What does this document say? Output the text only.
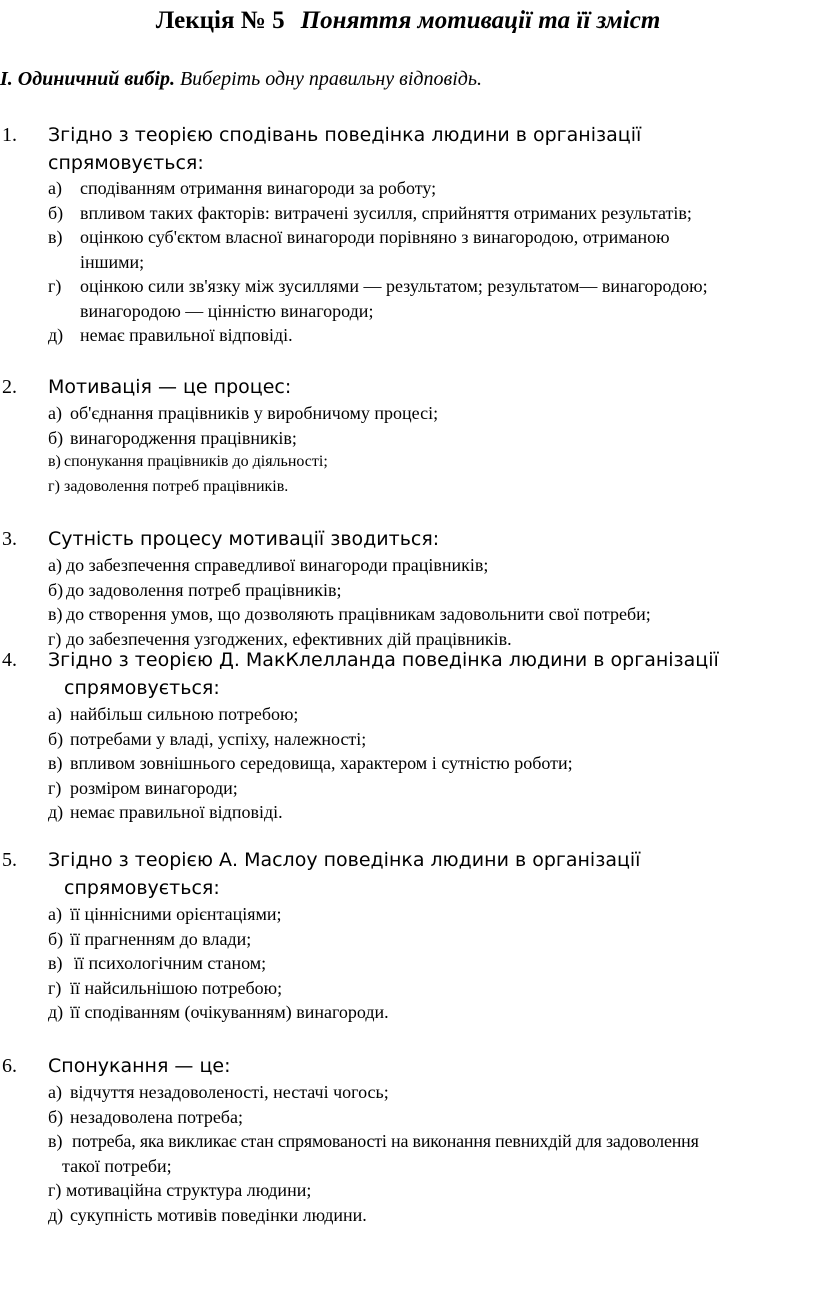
Лекція № 5 Поняття мотивації та її зміст
I. Одиничний вибір. Виберіть одну правильну відповідь.
1. Згідно з теорією сподівань поведінка людини в організації
спрямовується:
а)	сподіванням отримання винагороди за роботу;
б) впливом таких факторів: витрачені зусилля, сприйняття отриманих результатів;
в) оцінкою суб'єктом власної винагороди порівняно з винагородою, отриманою
іншими;
г)	оцінкою сили зв'язку між зусиллями — результатом; результатом— винагородою;
винагородою — цінністю винагороди;
д) немає правильної відповіді.
2. Мотивація — це процес:
а) об'єднання працівників у виробничому процесі;
б) винагородження працівників;
в) спонукання працівників до діяльності;
г) задоволення потреб працівників.
3. Сутність процесу мотивації зводиться:
а) до забезпечення справедливої винагороди працівників;
б) до задоволення потреб працівників;
в) до створення умов, що дозволяють працівникам задовольнити свої потреби;
г) до забезпечення узгоджених, ефективних дій працівників.
4. Згідно з теорією Д. МакКлелланда поведінка людини в організації
спрямовується:
а) найбільш сильною потребою;
б) потребами у владі, успіху, належності;
в) впливом зовнішнього середовища, характером і сутністю роботи;
г) розміром винагороди;
д) немає правильної відповіді.
5. Згідно з теорією А. Маслоу поведінка людини в організації
спрямовується:
а) її ціннісними орієнтаціями;
б) її прагненням до влади;
в) її психологічним станом;
г) її найсильнішою потребою;
д) її сподіванням (очікуванням) винагороди.
6. Спонукання — це:
а) відчуття незадоволеності, нестачі чогось;
б) незадоволена потреба;
в) потреба, яка викликає стан спрямованості на виконання певнихдій для задоволення
такої потреби;
г) мотиваційна структура людини;
д) сукупність мотивів поведінки людини.
